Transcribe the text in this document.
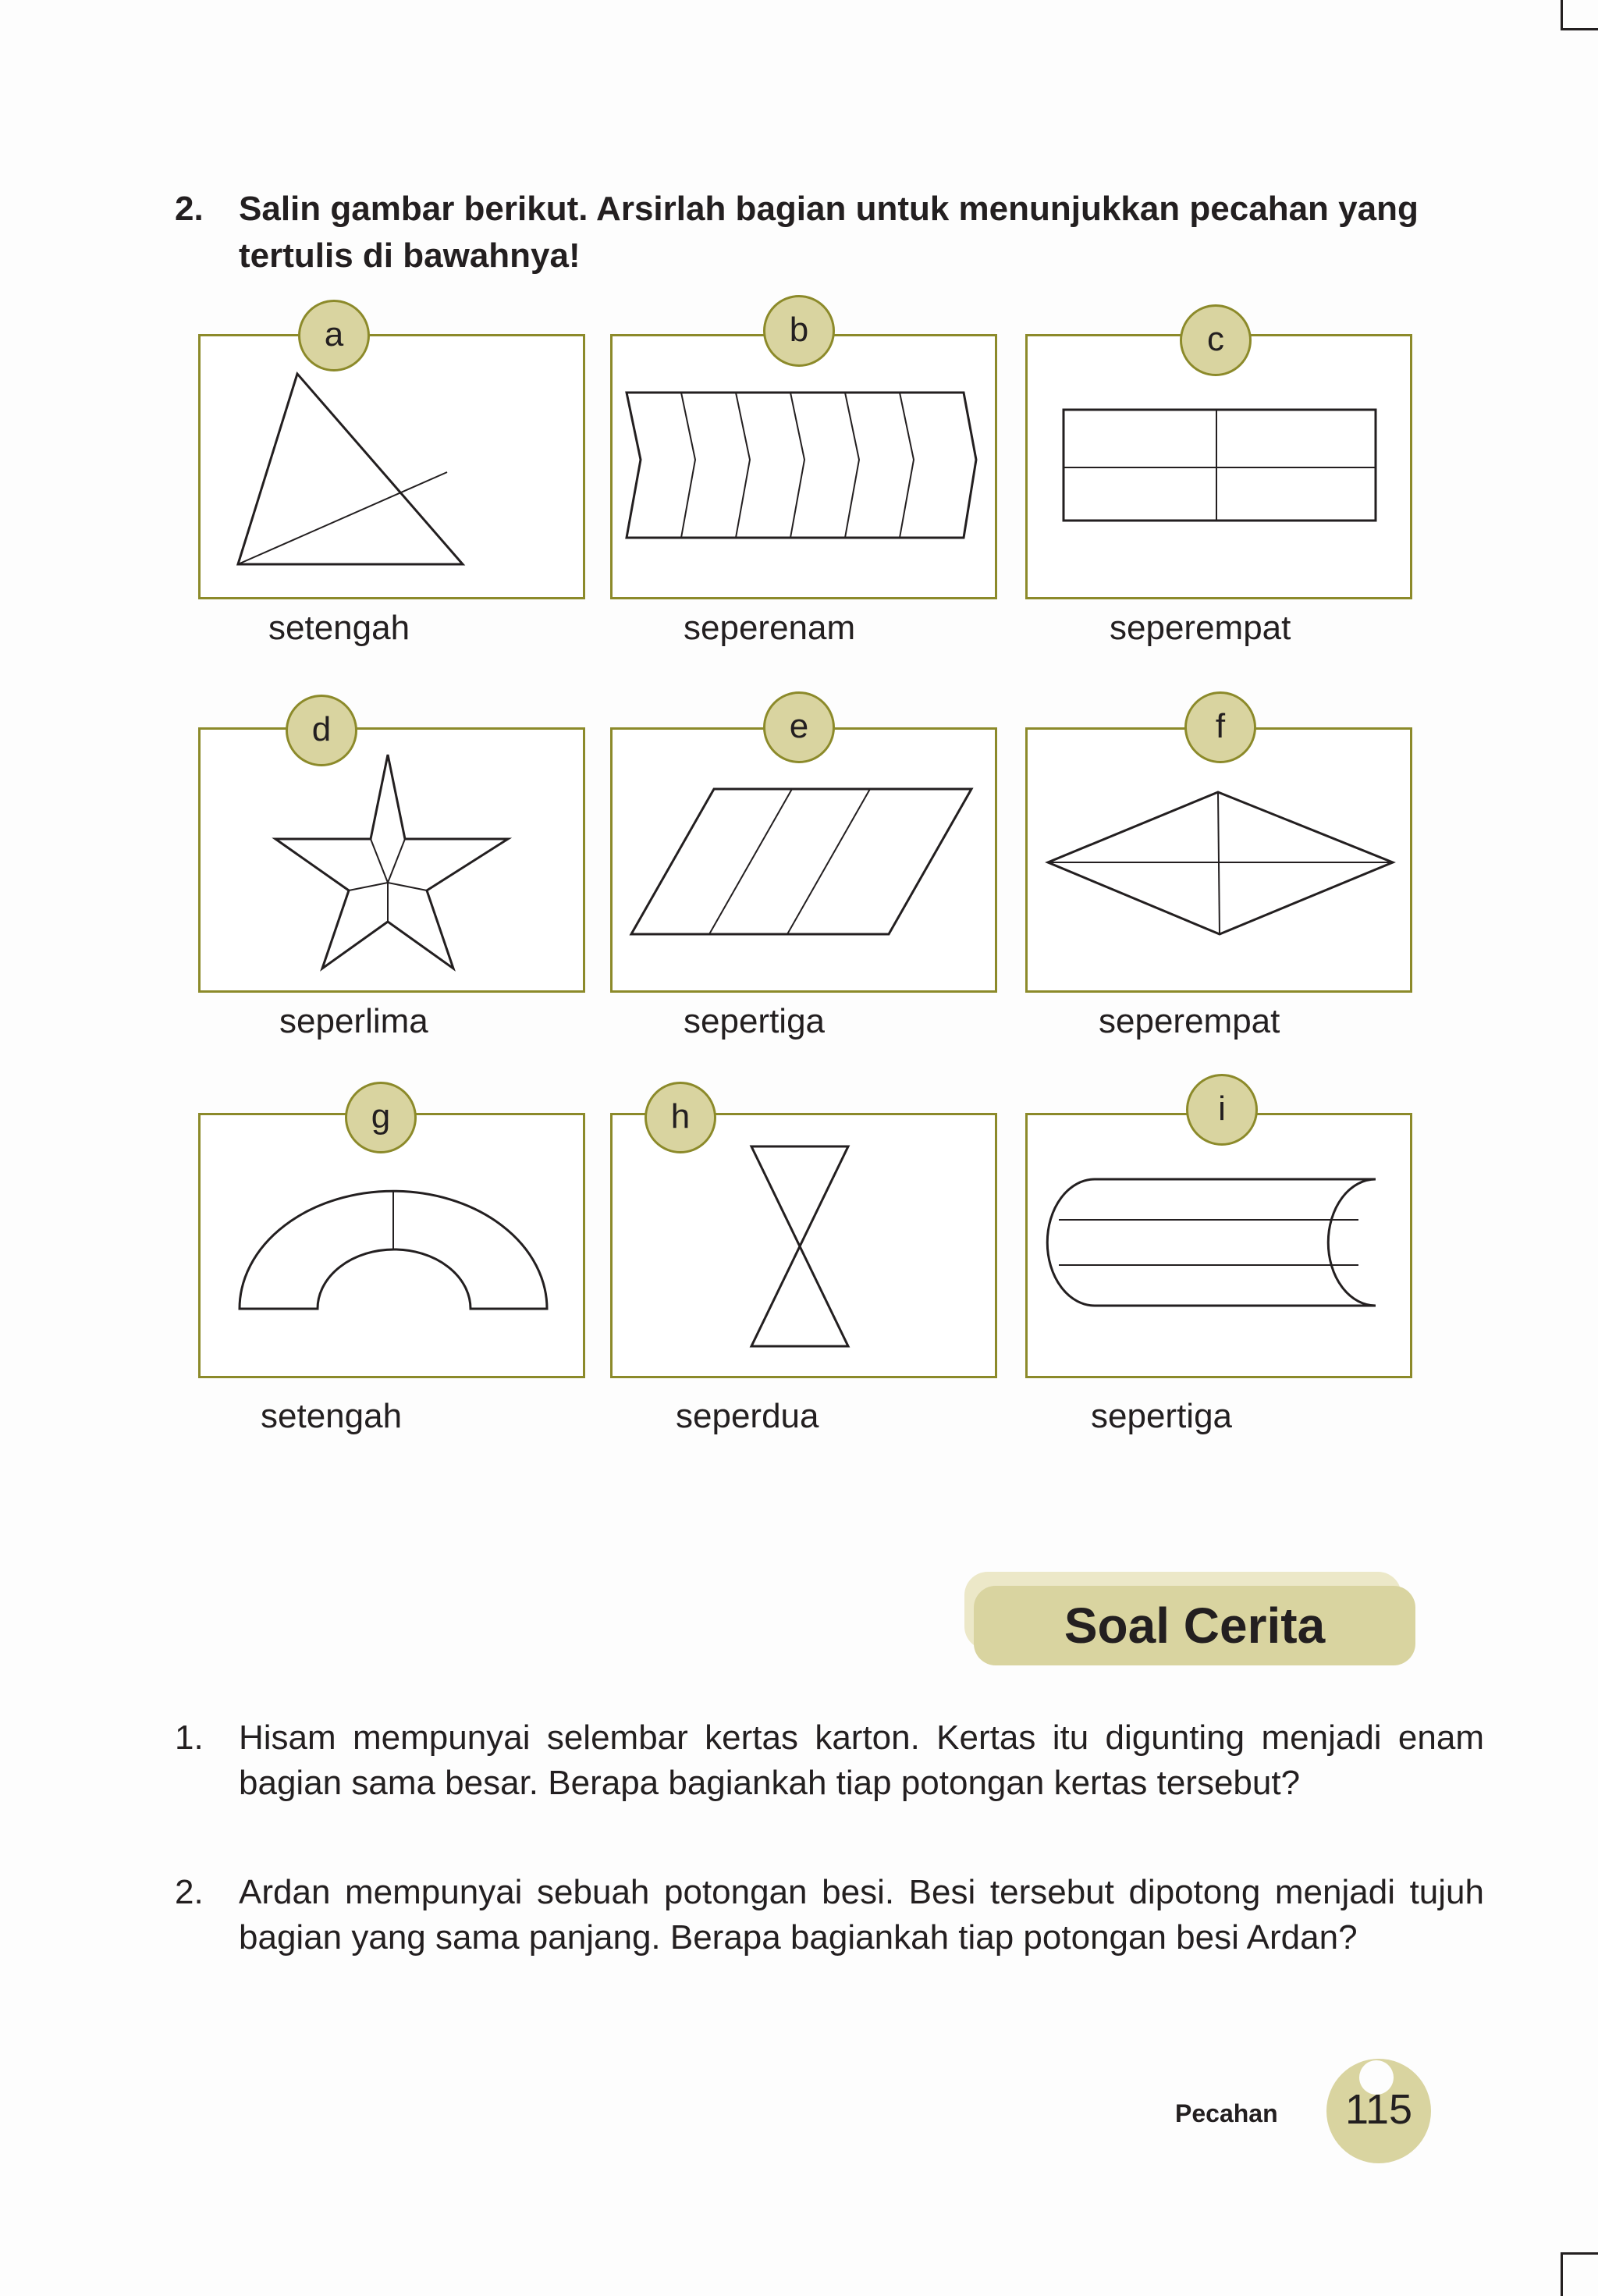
2. Salin gambar berikut. Arsirlah bagian untuk menunjukkan pecahan yang tertulis di bawahnya!
a
setengah
b
seperenam
c
seperempat
d
seperlima
e
sepertiga
f
seperempat
g
setengah
h
seperdua
i
sepertiga
Soal Cerita
1. Hisam mempunyai selembar kertas karton. Kertas itu digunting menjadi enam bagian sama besar. Berapa bagiankah tiap potongan kertas tersebut?
2. Ardan mempunyai sebuah potongan besi. Besi tersebut dipotong menjadi tujuh bagian yang sama panjang. Berapa bagiankah tiap potongan besi Ardan?
Pecahan	115
